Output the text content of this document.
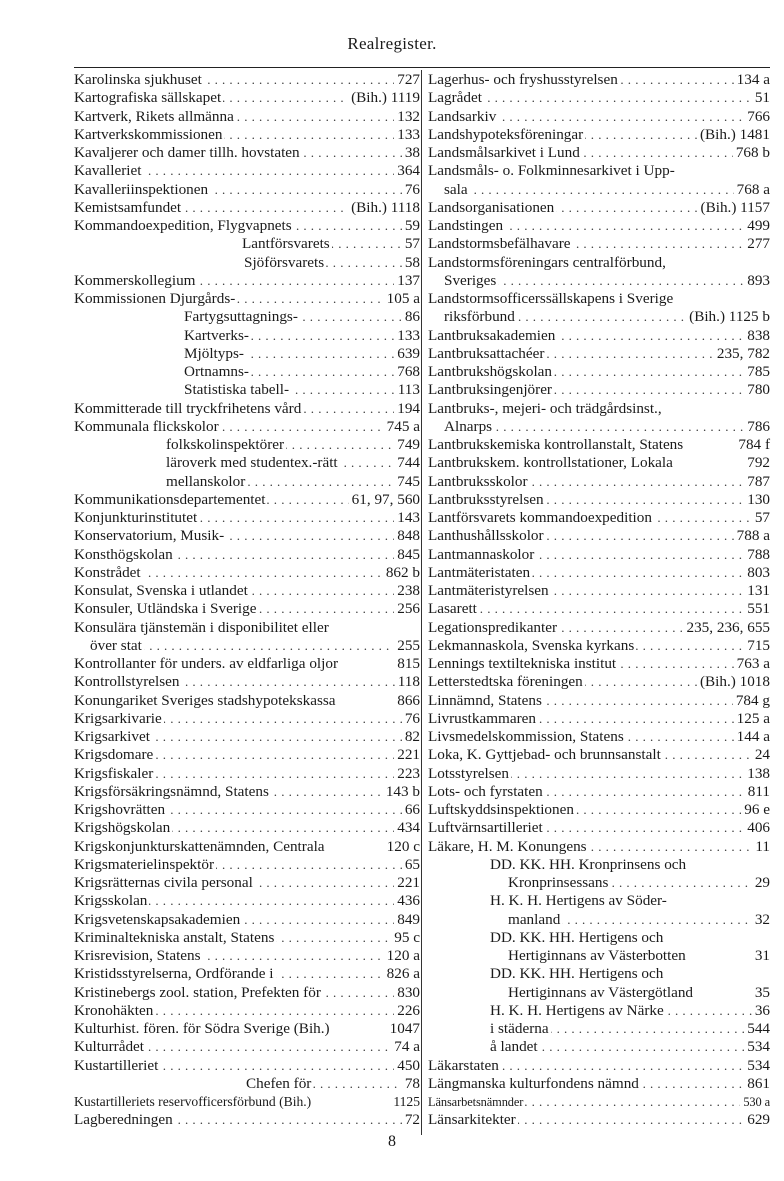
Realregister.
. . .
Karolinska sjukhuset	727
. . .
Kartografiska sällskapet	(Bih.) 1119
. . .
Kartverk, Rikets allmänna	132
. . .
Kartverkskommissionen	133
. . .
Kavaljerer och damer tillh. hovstaten	38
. . .
Kavalleriet	364
. . .
Kavalleriinspektionen	76
. . .
Kemistsamfundet	(Bih.) 1118
. . .
Kommandoexpedition, Flygvapnets	59
. . .
Lantförsvarets	57
. . .
Sjöförsvarets	58
. . .
Kommerskollegium	137
. . .
Kommissionen Djurgårds-	105 a
. . .
Fartygsuttagnings-	86
. . .
Kartverks-	133
. . .
Mjöltyps-	639
. . .
Ortnamns-	768
. . .
Statistiska tabell-	113
. . .
Kommitterade till tryckfrihetens vård	194
. . .
Kommunala flickskolor	745 a
. . .
folkskolinspektörer	749
. . .
läroverk med studentex.-rätt	744
. . .
mellanskolor	745
. . .
Kommunikationsdepartementet	61, 97, 560
. . .
Konjunkturinstitutet	143
. . .
Konservatorium, Musik-	848
. . .
Konsthögskolan	845
. . .
Konstrådet	862 b
. . .
Konsulat, Svenska i utlandet	238
. . .
Konsuler, Utländska i Sverige	256
Konsulära tjänstemän i disponibilitet eller
. . .
över stat	255
Kontrollanter för unders. av eldfarliga oljor	815
. . .
Kontrollstyrelsen	118
Konungariket Sveriges stadshypotekskassa	866
. . .
Krigsarkivarie	76
. . .
Krigsarkivet	82
. . .
Krigsdomare	221
. . .
Krigsfiskaler	223
. . .
Krigsförsäkringsnämnd, Statens	143 b
. . .
Krigshovrätten	66
. . .
Krigshögskolan	434
Krigskonjunkturskattenämnden, Centrala	120 c
. . .
Krigsmaterielinspektör	65
. . .
Krigsrätternas civila personal	221
. . .
Krigsskolan	436
. . .
Krigsvetenskapsakademien	849
. . .
Kriminaltekniska anstalt, Statens	95 c
. . .
Krisrevision, Statens	120 a
. . .
Kristidsstyrelserna, Ordförande i	826 a
. . .
Kristinebergs zool. station, Prefekten för	830
. . .
Kronohäkten	226
Kulturhist. fören. för Södra Sverige (Bih.)	1047
. . .
Kulturrådet	74 a
. . .
Kustartilleriet	450
. . .
Chefen för	78
Kustartilleriets reservofficersförbund (Bih.)	1125
. . .
Lagberedningen	72
. . .
Lagerhus- och fryshusstyrelsen	134 a
. . .
Lagrådet	51
. . .
Landsarkiv	766
. . .
Landshypoteksföreningar	(Bih.) 1481
. . .
Landsmålsarkivet i Lund	768 b
Landsmåls- o. Folkminnesarkivet i Upp-
. . .
sala	768 a
. . .
Landsorganisationen	(Bih.) 1157
. . .
Landstingen	499
. . .
Landstormsbefälhavare	277
Landstormsföreningars centralförbund,
. . .
Sveriges	893
Landstormsofficerssällskapens i Sverige
. . .
riksförbund	(Bih.) 1125 b
. . .
Lantbruksakademien	838
. . .
Lantbruksattachéer	235, 782
. . .
Lantbrukshögskolan	785
. . .
Lantbruksingenjörer	780
Lantbruks-, mejeri- och trädgårdsinst.,
. . .
Alnarps	786
Lantbrukskemiska kontrollanstalt, Statens	784 f
Lantbrukskem. kontrollstationer, Lokala	792
. . .
Lantbruksskolor	787
. . .
Lantbruksstyrelsen	130
. . .
Lantförsvarets kommandoexpedition	57
. . .
Lanthushållsskolor	788 a
. . .
Lantmannaskolor	788
. . .
Lantmäteristaten	803
. . .
Lantmäteristyrelsen	131
. . .
Lasarett	551
. . .
Legationspredikanter	235, 236, 655
. . .
Lekmannaskola, Svenska kyrkans	715
. . .
Lennings textiltekniska institut	763 a
. . .
Letterstedtska föreningen	(Bih.) 1018
. . .
Linnämnd, Statens	784 g
. . .
Livrustkammaren	125 a
. . .
Livsmedelskommission, Statens	144 a
. . .
Loka, K. Gyttjebad- och brunnsanstalt	24
. . .
Lotsstyrelsen	138
. . .
Lots- och fyrstaten	811
. . .
Luftskyddsinspektionen	96 e
. . .
Luftvärnsartilleriet	406
. . .
Läkare, H. M. Konungens	11
DD. KK. HH. Kronprinsens och
. . .
Kronprinsessans	29
H. K. H. Hertigens av Söder-
. . .
manland	32
DD. KK. HH. Hertigens och
Hertiginnans av Västerbotten	31
DD. KK. HH. Hertigens och
Hertiginnans av Västergötland	35
. . .
H. K. H. Hertigens av Närke	36
. . .
i städerna	544
. . .
å landet	534
. . .
Läkarstaten	534
. . .
Längmanska kulturfondens nämnd	861
. . .
Länsarbetsnämnder	530 a
. . .
Länsarkitekter	629
8
